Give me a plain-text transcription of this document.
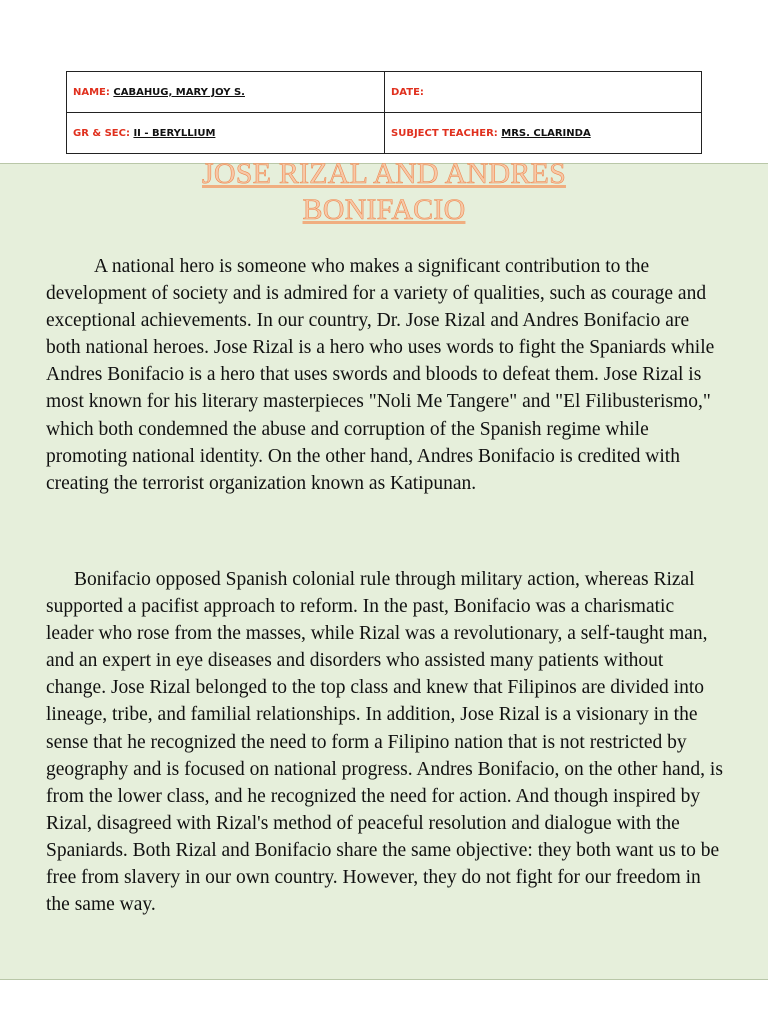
NAME: CABAHUG, MARY JOY S.	DATE:
GR & SEC: II - BERYLLIUM	SUBJECT TEACHER: MRS. CLARINDA
JOSE RIZAL AND ANDRES
BONIFACIO

A national hero is someone who makes a significant contribution to the development of society and is admired for a variety of qualities, such as courage and exceptional achievements. In our country, Dr. Jose Rizal and Andres Bonifacio are both national heroes. Jose Rizal is a hero who uses words to fight the Spaniards while Andres Bonifacio is a hero that uses swords and bloods to defeat them. Jose Rizal is most known for his literary masterpieces "Noli Me Tangere" and "El Filibusterismo," which both condemned the abuse and corruption of the Spanish regime while promoting national identity. On the other hand, Andres Bonifacio is credited with creating the terrorist organization known as Katipunan.

Bonifacio opposed Spanish colonial rule through military action, whereas Rizal supported a pacifist approach to reform. In the past, Bonifacio was a charismatic leader who rose from the masses, while Rizal was a revolutionary, a self-taught man, and an expert in eye diseases and disorders who assisted many patients without change. Jose Rizal belonged to the top class and knew that Filipinos are divided into lineage, tribe, and familial relationships. In addition, Jose Rizal is a visionary in the sense that he recognized the need to form a Filipino nation that is not restricted by geography and is focused on national progress. Andres Bonifacio, on the other hand, is from the lower class, and he recognized the need for action. And though inspired by Rizal, disagreed with Rizal's method of peaceful resolution and dialogue with the Spaniards. Both Rizal and Bonifacio share the same objective: they both want us to be free from slavery in our own country. However, they do not fight for our freedom in the same way.
